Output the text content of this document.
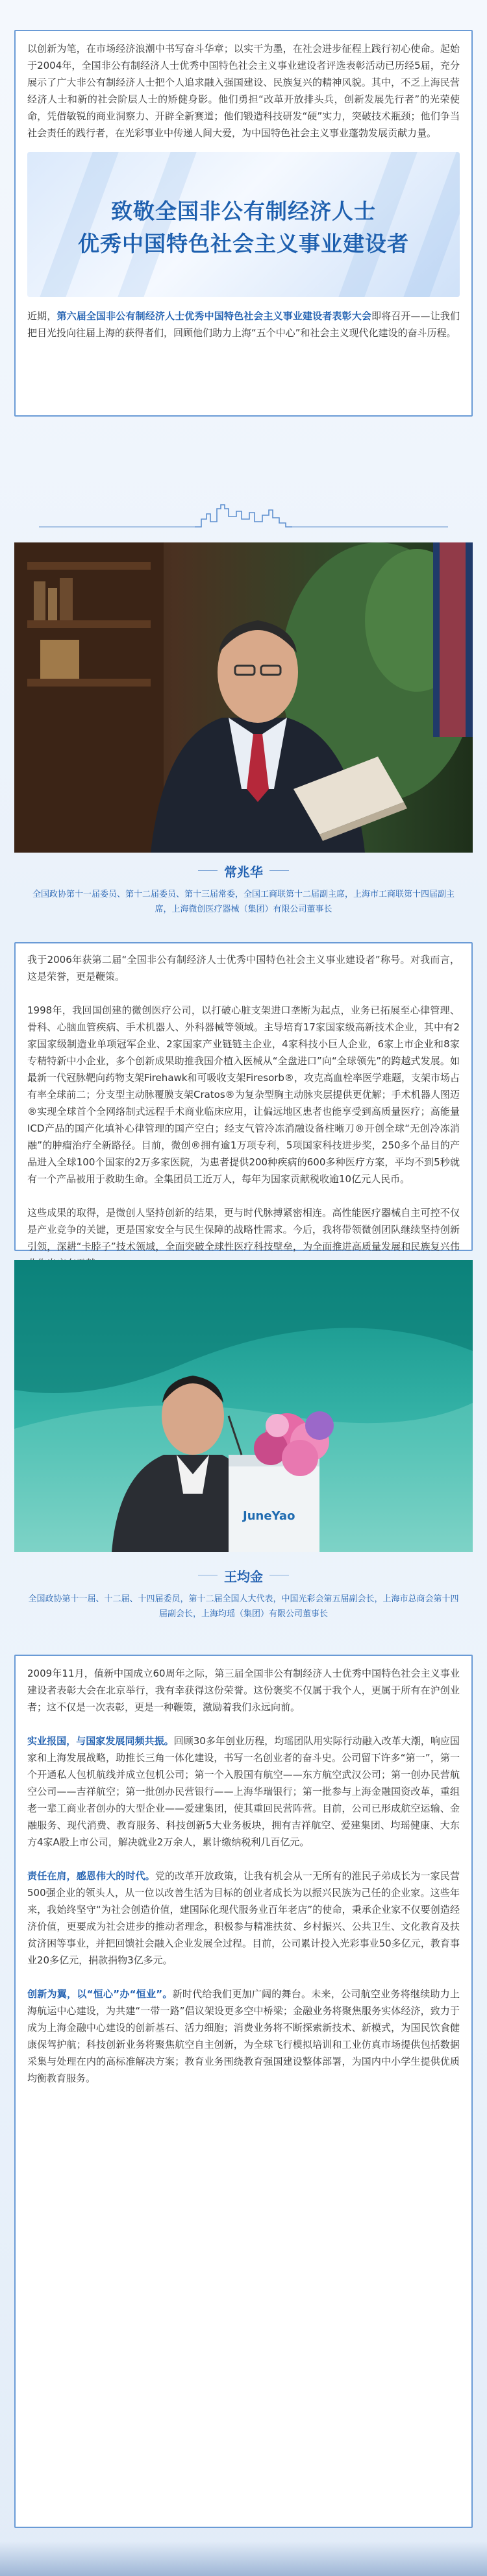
以创新为笔，在市场经济浪潮中书写奋斗华章；以实干为墨，在社会进步征程上践行初心使命。起始于2004年，全国非公有制经济人士优秀中国特色社会主义事业建设者评选表彰活动已历经5届，充分展示了广大非公有制经济人士把个人追求融入强国建设、民族复兴的精神风貌。其中，不乏上海民营经济人士和新的社会阶层人士的矫健身影。他们勇担“改革开放排头兵，创新发展先行者”的光荣使命，凭借敏锐的商业洞察力、开辟全新赛道；他们锻造科技研发“硬”实力，突破技术瓶颈；他们争当社会责任的践行者，在光彩事业中传递人间大爱，为中国特色社会主义事业蓬勃发展贡献力量。

致敬全国非公有制经济人士
优秀中国特色社会主义事业建设者

近期，第六届全国非公有制经济人士优秀中国特色社会主义事业建设者表彰大会即将召开——让我们把目光投向往届上海的获得者们，回顾他们助力上海“五个中心”和社会主义现代化建设的奋斗历程。

常兆华
全国政协第十一届委员、第十二届委员、第十三届常委，全国工商联第十二届副主席，上海市工商联第十四届副主席，上海微创医疗器械（集团）有限公司董事长

我于2006年获第二届“全国非公有制经济人士优秀中国特色社会主义事业建设者”称号。对我而言，这是荣誉，更是鞭策。

1998年，我回国创建的微创医疗公司，以打破心脏支架进口垄断为起点，业务已拓展至心律管理、骨科、心脑血管疾病、手术机器人、外科器械等领域。主导培育17家国家级高新技术企业，其中有2家国家级制造业单项冠军企业、2家国家产业链链主企业，4家科技小巨人企业，6家上市企业和8家专精特新中小企业，多个创新成果助推我国介植入医械从“全盘进口”向“全球领先”的跨越式发展。如最新一代冠脉靶向药物支架Firehawk和可吸收支架Firesorb®，攻克高血栓率医学难题，支架市场占有率全球前二；分支型主动脉覆膜支架Cratos®为复杂型胸主动脉夹层提供更优解；手术机器人图迈®实现全球首个全网络制式远程手术商业临床应用，让偏远地区患者也能享受到高质量医疗；高能量ICD产品的国产化填补心律管理的国产空白；经支气管冷冻消融设备柱晰刀®开创全球“无创冷冻消融”的肿瘤治疗全新路径。目前，微创®拥有逾1万项专利，5项国家科技进步奖，250多个品目的产品进入全球100个国家的2万多家医院，为患者提供200种疾病的600多种医疗方案，平均不到5秒就有一个产品被用于救助生命。全集团员工近万人，每年为国家贡献税收逾10亿元人民币。

这些成果的取得，是微创人坚持创新的结果，更与时代脉搏紧密相连。高性能医疗器械自主可控不仅是产业竞争的关键，更是国家安全与民生保障的战略性需求。今后，我将带领微创团队继续坚持创新引领，深耕“卡脖子”技术领域，全面突破全球性医疗科技壁垒，为全面推进高质量发展和民族复兴伟

JuneYao
王均金
全国政协第十一届、十二届、十四届委员，第十二届全国人大代表，中国光彩会第五届副会长，上海市总商会第十四届副会长，上海均瑶（集团）有限公司董事长

2009年11月，值新中国成立60周年之际，第三届全国非公有制经济人士优秀中国特色社会主义事业建设者表彰大会在北京举行，我有幸获得这份荣誉。这份褒奖不仅属于我个人，更属于所有在沪创业者；这不仅是一次表彰，更是一种鞭策，激励着我们永远向前。

实业报国，与国家发展同频共振。回顾30多年创业历程，均瑶团队用实际行动融入改革大潮，响应国家和上海发展战略，助推长三角一体化建设，书写一名创业者的奋斗史。公司留下许多“第一”，第一个开通私人包机航线并成立包机公司；第一个入股国有航空——东方航空武汉公司；第一创办民营航空公司——吉祥航空；第一批创办民营银行——上海华瑞银行；第一批参与上海金融国资改革，重组老一辈工商业者创办的大型企业——爱建集团，使其重回民营阵营。目前，公司已形成航空运输、金融服务、现代消费、教育服务、科技创新5大业务板块，拥有吉祥航空、爱建集团、均瑶健康、大东方4家A股上市公司，解决就业2万余人，累计缴纳税利几百亿元。

责任在肩，感恩伟大的时代。党的改革开放政策，让我有机会从一无所有的淮民子弟成长为一家民营500强企业的领头人，从一位以改善生活为目标的创业者成长为以振兴民族为己任的企业家。这些年来，我始终坚守“为社会创造价值，建国际化现代服务业百年老店”的使命，秉承企业家不仅要创造经济价值，更要成为社会进步的推动者理念，积极参与精准扶贫、乡村振兴、公共卫生、文化教育及扶贫济困等事业，并把回馈社会融入企业发展全过程。目前，公司累计投入光彩事业50多亿元，教育事业20多亿元，捐款捐物3亿多元。

创新为翼，以“恒心”办“恒业”。新时代给我们更加广阔的舞台。未来，公司航空业务将继续助力上海航运中心建设，为共建“一带一路”倡议架设更多空中桥梁；金融业务将聚焦服务实体经济，致力于成为上海金融中心建设的创新基石、活力细胞；消费业务将不断探索新技术、新模式，为国民饮食健康保驾护航；科技创新业务将聚焦航空自主创新，为全球飞行模拟培训和工业仿真市场提供包括数据采集与处理在内的高标准解决方案；教育业务围绕教育强国建设整体部署，为国内中小学生提供优质均衡教育服务。
